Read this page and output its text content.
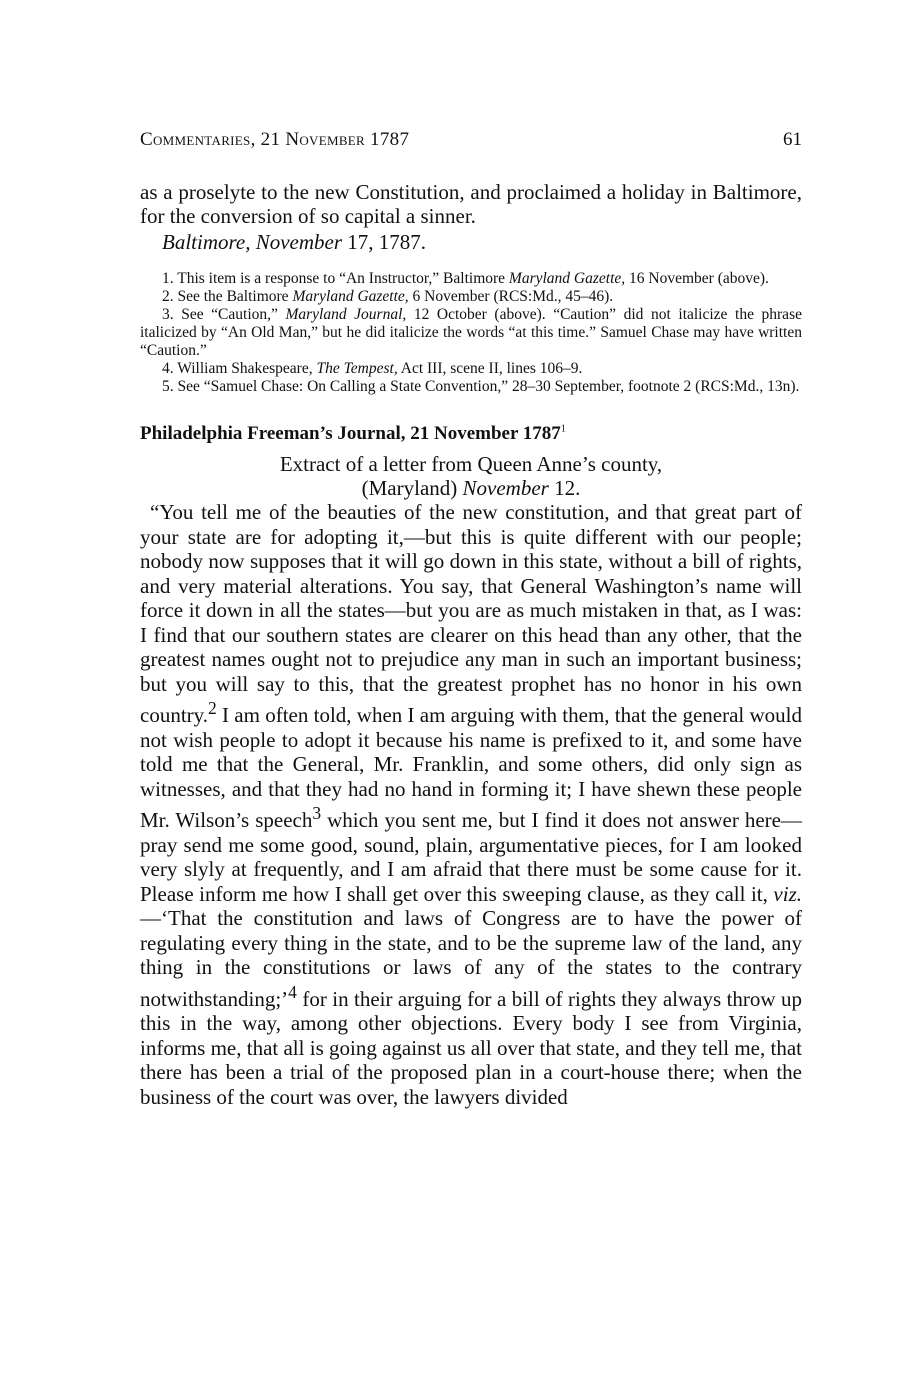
Commentaries, 21 November 1787	61

as a proselyte to the new Constitution, and proclaimed a holiday in Baltimore, for the conversion of so capital a sinner.

Baltimore, November 17, 1787.

1. This item is a response to “An Instructor,” Baltimore Maryland Gazette, 16 November (above).

2. See the Baltimore Maryland Gazette, 6 November (RCS:Md., 45–46).

3. See “Caution,” Maryland Journal, 12 October (above). “Caution” did not italicize the phrase italicized by “An Old Man,” but he did italicize the words “at this time.” Samuel Chase may have written “Caution.”

4. William Shakespeare, The Tempest, Act III, scene II, lines 106–9.

5. See “Samuel Chase: On Calling a State Convention,” 28–30 September, footnote 2 (RCS:Md., 13n).

Philadelphia Freeman’s Journal, 21 November 1787$^1$
Extract of a letter from Queen Anne’s county,
(Maryland) November 12.

“You tell me of the beauties of the new constitution, and that great part of your state are for adopting it,—but this is quite different with our people; nobody now supposes that it will go down in this state, without a bill of rights, and very material alterations. You say, that General Washington’s name will force it down in all the states—but you are as much mistaken in that, as I was: I find that our southern states are clearer on this head than any other, that the greatest names ought not to prejudice any man in such an important business; but you will say to this, that the greatest prophet has no honor in his own country.$^2$ I am often told, when I am arguing with them, that the general would not wish people to adopt it because his name is prefixed to it, and some have told me that the General, Mr. Franklin, and some others, did only sign as witnesses, and that they had no hand in forming it; I have shewn these people Mr. Wilson’s speech$^3$ which you sent me, but I find it does not answer here—pray send me some good, sound, plain, argumentative pieces, for I am looked very slyly at frequently, and I am afraid that there must be some cause for it. Please inform me how I shall get over this sweeping clause, as they call it, viz.—‘That the constitution and laws of Congress are to have the power of regulating every thing in the state, and to be the supreme law of the land, any thing in the constitutions or laws of any of the states to the contrary notwithstanding;’$^4$ for in their arguing for a bill of rights they always throw up this in the way, among other objections. Every body I see from Virginia, informs me, that all is going against us all over that state, and they tell me, that there has been a trial of the proposed plan in a court-house there; when the business of the court was over, the lawyers divided
